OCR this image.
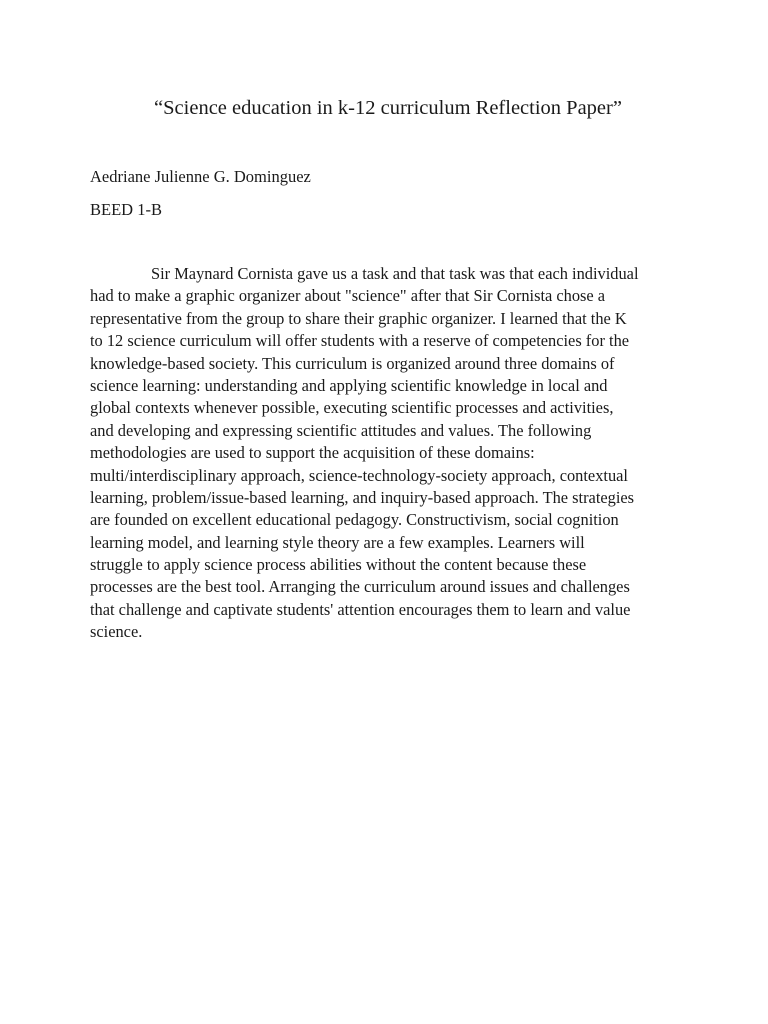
“Science education in k-12 curriculum Reflection Paper”
Aedriane Julienne G. Dominguez
BEED 1-B
Sir Maynard Cornista gave us a task and that task was that each individual
had to make a graphic organizer about "science" after that Sir Cornista chose a
representative from the group to share their graphic organizer. I learned that the K
to 12 science curriculum will offer students with a reserve of competencies for the
knowledge-based society. This curriculum is organized around three domains of
science learning: understanding and applying scientific knowledge in local and
global contexts whenever possible, executing scientific processes and activities,
and developing and expressing scientific attitudes and values. The following
methodologies are used to support the acquisition of these domains:
multi/interdisciplinary approach, science-technology-society approach, contextual
learning, problem/issue-based learning, and inquiry-based approach. The strategies
are founded on excellent educational pedagogy. Constructivism, social cognition
learning model, and learning style theory are a few examples. Learners will
struggle to apply science process abilities without the content because these
processes are the best tool. Arranging the curriculum around issues and challenges
that challenge and captivate students' attention encourages them to learn and value
science.
